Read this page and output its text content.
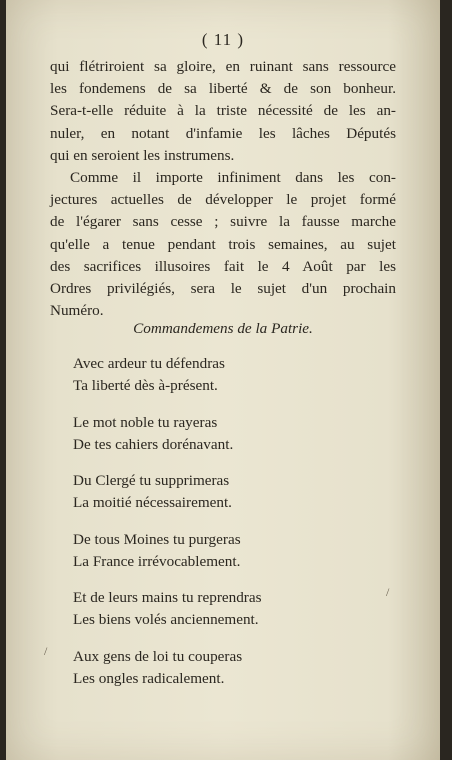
( 11 )
qui flétriroient sa gloire, en ruinant sans ressource
les fondemens de sa liberté & de son bonheur.
Sera-t-elle réduite à la triste nécessité de les an-
nuler, en notant d'infamie les lâches Députés
qui en seroient les instrumens.
Comme il importe infiniment dans les con-
jectures actuelles de développer le projet formé
de l'égarer sans cesse ; suivre la fausse marche
qu'elle a tenue pendant trois semaines, au sujet
des sacrifices illusoires fait le 4 Août par les
Ordres privilégiés, sera le sujet d'un prochain
Numéro.
Commandemens de la Patrie.
Avec ardeur tu défendras
Ta liberté dès à-présent.
Le mot noble tu rayeras
De tes cahiers dorénavant.
Du Clergé tu supprimeras
La moitié nécessairement.
De tous Moines tu purgeras
La France irrévocablement.
Et de leurs mains tu reprendras
Les biens volés anciennement.
Aux gens de loi tu couperas
Les ongles radicalement.
/
/
